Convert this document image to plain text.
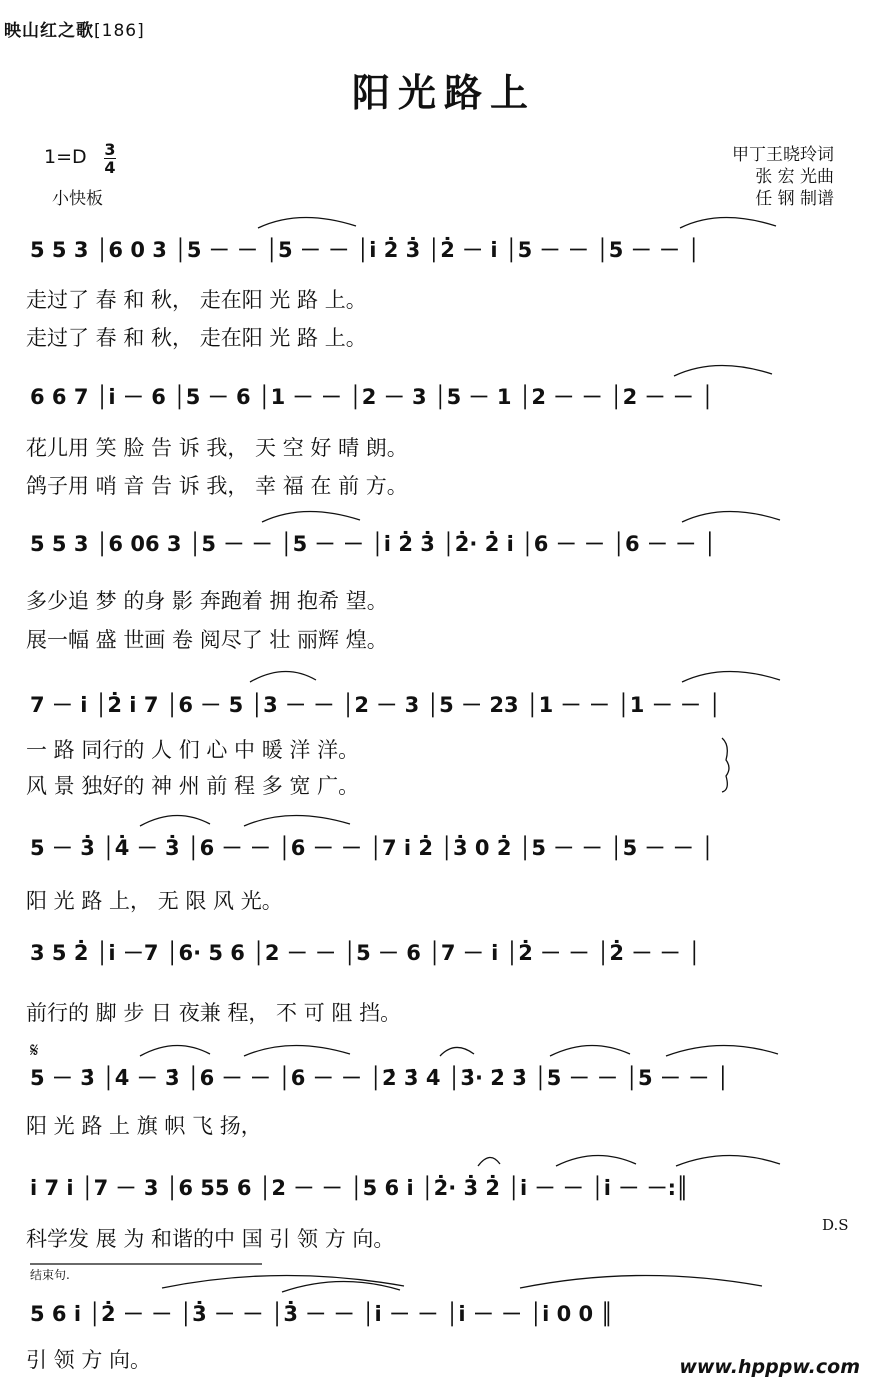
映山红之歌[186]
阳光路上
1=D 3
4
小快板
甲丁王晓玲词
张 宏 光曲
任 钢 制谱
5 5 3 │6 0 3 │5 － － │5 － － │i̇ 2̇ 3̇ │2̇ － i̇ │5 － － │5 － － │
走过了 春 和 秋， 走在阳 光 路 上。
走过了 春 和 秋， 走在阳 光 路 上。
6 6 7 │i̇ － 6 │5 － 6 │1 － － │2 － 3 │5 － 1 │2 － － │2 － － │
花儿用 笑 脸 告 诉 我， 天 空 好 晴 朗。
鸽子用 哨 音 告 诉 我， 幸 福 在 前 方。
5 5 3 │6 06 3 │5 － － │5 － － │i̇ 2̇ 3̇ │2̇· 2̇ i̇ │6 － － │6 － － │
多少追 梦 的身 影 奔跑着 拥 抱希 望。
展一幅 盛 世画 卷 阅尽了 壮 丽辉 煌。
7 － i̇ │2̇ i̇ 7 │6 － 5 │3 － － │2 － 3 │5 － 23 │1 － － │1 － － │
一 路 同行的 人 们 心 中 暖 洋 洋。
风 景 独好的 神 州 前 程 多 宽 广。
5 － 3̇ │4̇ － 3̇ │6 － － │6 － － │7 i̇ 2̇ │3̇ 0 2̇ │5 － － │5 － － │
阳 光 路 上， 无 限 风 光。
3 5 2̇ │i̇ －7 │6· 5 6 │2 － － │5 － 6 │7 － i̇ │2̇ － － │2̇ － － │
前行的 脚 步 日 夜兼 程， 不 可 阻 挡。
𝄋
5 － 3̇ │4̇ － 3̇ │6 － － │6 － － │2̇ 3̇ 4̇ │3̇· 2̇ 3̇ │5 － － │5 － － │
阳 光 路 上 旗 帜 飞 扬，
i̇ 7 i̇ │7 － 3 │6 55 6 │2 － － │5 6 i̇ │2̇· 3̇ 2̇ │i̇ － － │i̇ － －:║
科学发 展 为 和谐的中 国 引 领 方 向。
D.S
结束句.
5 6 i̇ │2̇ － － │3̇ － － │3̇ － － │i̇ － － │i̇ － － │i̇ 0 0 ║
引 领 方 向。	www.hpppw.com
